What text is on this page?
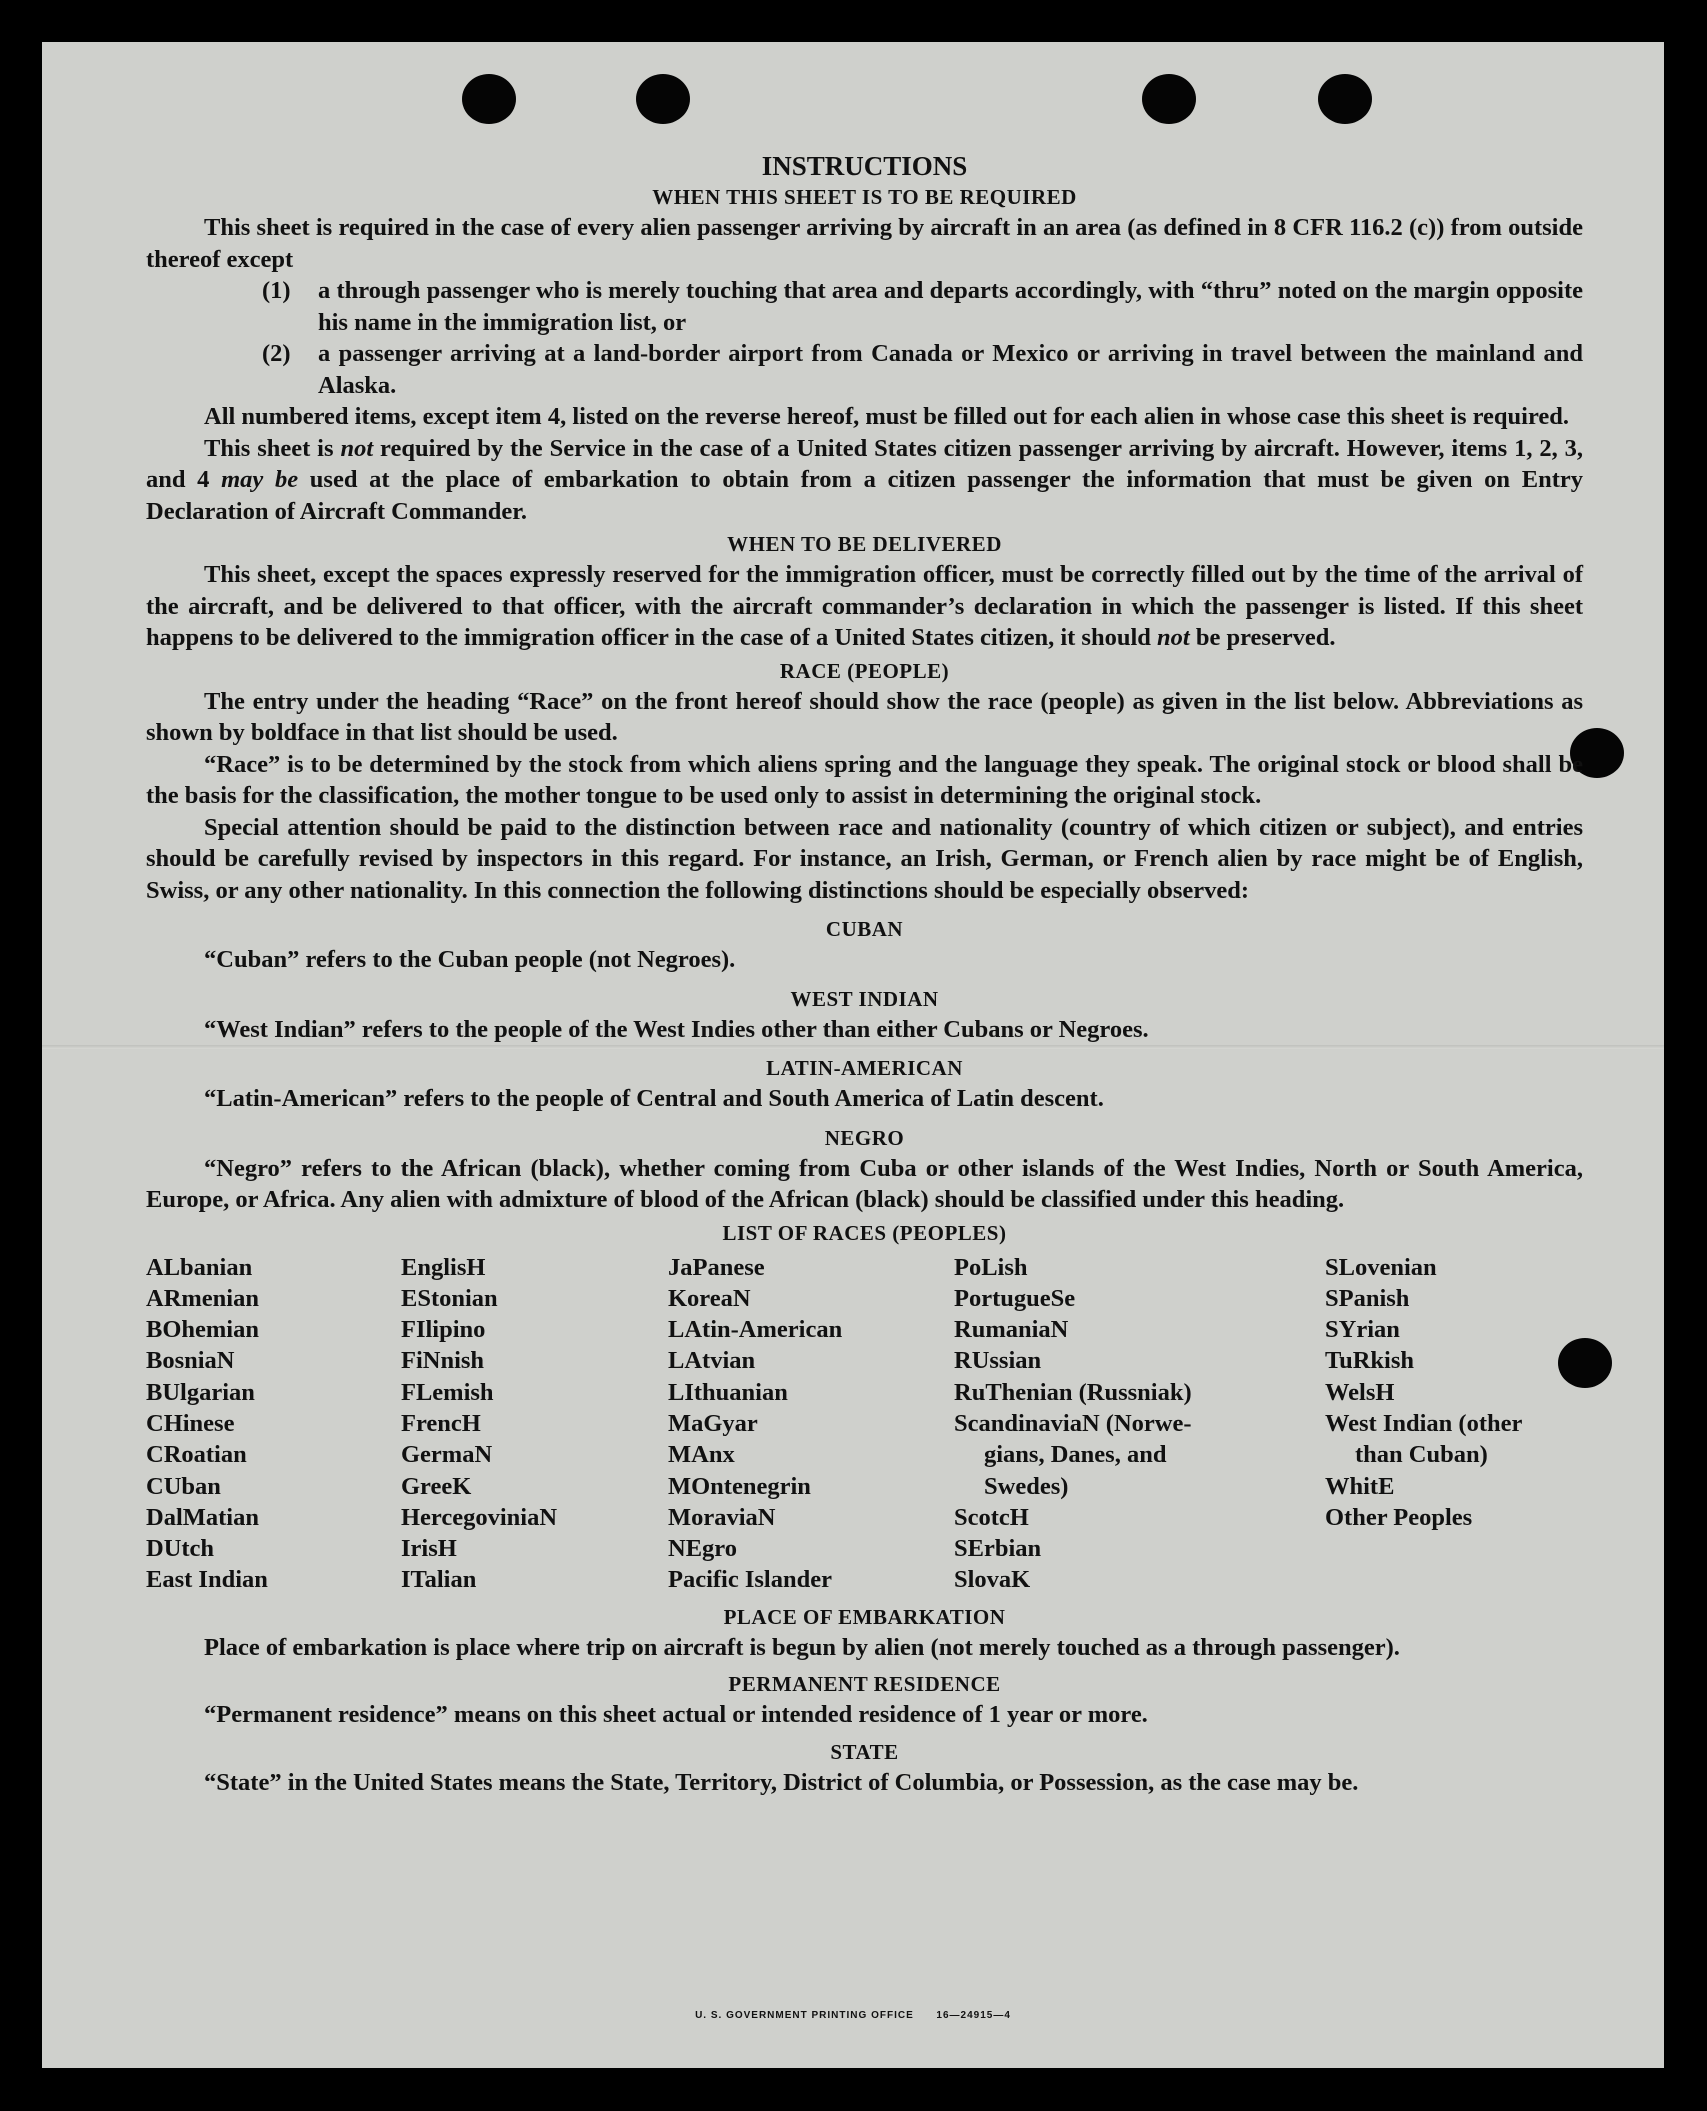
INSTRUCTIONS
WHEN THIS SHEET IS TO BE REQUIRED

This sheet is required in the case of every alien passenger arriving by aircraft in an area (as defined in 8 CFR 116.2 (c)) from outside thereof except

(1)	a through passenger who is merely touching that area and departs accordingly, with “thru” noted on the margin opposite his name in the immigration list, or
(2)	a passenger arriving at a land-border airport from Canada or Mexico or arriving in travel between the mainland and Alaska.

All numbered items, except item 4, listed on the reverse hereof, must be filled out for each alien in whose case this sheet is required.

This sheet is not required by the Service in the case of a United States citizen passenger arriving by aircraft. However, items 1, 2, 3, and 4 may be used at the place of embarkation to obtain from a citizen passenger the information that must be given on Entry Declaration of Aircraft Commander.

WHEN TO BE DELIVERED

This sheet, except the spaces expressly reserved for the immigration officer, must be correctly filled out by the time of the arrival of the aircraft, and be delivered to that officer, with the aircraft commander’s declaration in which the passenger is listed. If this sheet happens to be delivered to the immigration officer in the case of a United States citizen, it should not be preserved.

RACE (PEOPLE)

The entry under the heading “Race” on the front hereof should show the race (people) as given in the list below. Abbreviations as shown by boldface in that list should be used.

“Race” is to be determined by the stock from which aliens spring and the language they speak. The original stock or blood shall be the basis for the classification, the mother tongue to be used only to assist in determining the original stock.

Special attention should be paid to the distinction between race and nationality (country of which citizen or subject), and entries should be carefully revised by inspectors in this regard. For instance, an Irish, German, or French alien by race might be of English, Swiss, or any other nationality. In this connection the following distinctions should be especially observed:

CUBAN

“Cuban” refers to the Cuban people (not Negroes).

WEST INDIAN

“West Indian” refers to the people of the West Indies other than either Cubans or Negroes.

LATIN-AMERICAN

“Latin-American” refers to the people of Central and South America of Latin descent.

NEGRO

“Negro” refers to the African (black), whether coming from Cuba or other islands of the West Indies, North or South America, Europe, or Africa. Any alien with admixture of blood of the African (black) should be classified under this heading.

LIST OF RACES (PEOPLES)
ALbanian
ARmenian
BOhemian
BosniaN
BUlgarian
CHinese
CRoatian
CUban
DalMatian
DUtch
East Indian
EnglisH
EStonian
FIlipino
FiNnish
FLemish
FrencH
GermaN
GreeK
HercegoviniaN
IrisH
ITalian
JaPanese
KoreaN
LAtin-American
LAtvian
LIthuanian
MaGyar
MAnx
MOntenegrin
MoraviaN
NEgro
Pacific Islander
PoLish
PortugueSe
RumaniaN
RUssian
RuThenian (Russniak)
ScandinaviaN (Norwe-
gians, Danes, and
Swedes)
ScotcH
SErbian
SlovaK
SLovenian
SPanish
SYrian
TuRkish
WelsH
West Indian (other
than Cuban)
WhitE
Other Peoples
PLACE OF EMBARKATION

Place of embarkation is place where trip on aircraft is begun by alien (not merely touched as a through passenger).

PERMANENT RESIDENCE

“Permanent residence” means on this sheet actual or intended residence of 1 year or more.

STATE

“State” in the United States means the State, Territory, District of Columbia, or Possession, as the case may be.

U. S. GOVERNMENT PRINTING OFFICE 16—24915—4
